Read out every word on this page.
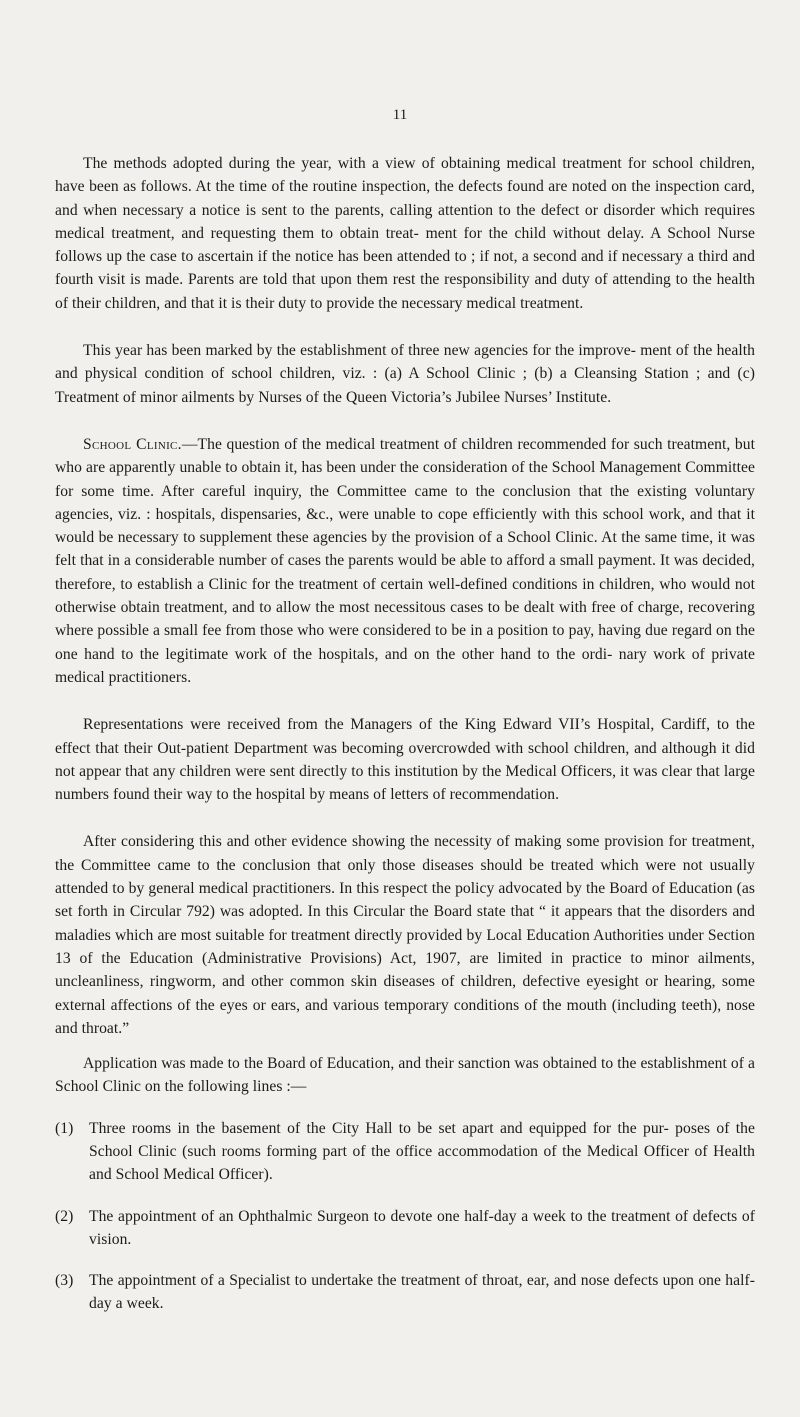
11

The methods adopted during the year, with a view of obtaining medical treatment for school children, have been as follows. At the time of the routine inspection, the defects found are noted on the inspection card, and when necessary a notice is sent to the parents, calling attention to the defect or disorder which requires medical treatment, and requesting them to obtain treat- ment for the child without delay. A School Nurse follows up the case to ascertain if the notice has been attended to ; if not, a second and if necessary a third and fourth visit is made. Parents are told that upon them rest the responsibility and duty of attending to the health of their children, and that it is their duty to provide the necessary medical treatment.

This year has been marked by the establishment of three new agencies for the improve- ment of the health and physical condition of school children, viz. : (a) A School Clinic ; (b) a Cleansing Station ; and (c) Treatment of minor ailments by Nurses of the Queen Victoria’s Jubilee Nurses’ Institute.

School Clinic.—The question of the medical treatment of children recommended for such treatment, but who are apparently unable to obtain it, has been under the consideration of the School Management Committee for some time. After careful inquiry, the Committee came to the conclusion that the existing voluntary agencies, viz. : hospitals, dispensaries, &c., were unable to cope efficiently with this school work, and that it would be necessary to supplement these agencies by the provision of a School Clinic. At the same time, it was felt that in a considerable number of cases the parents would be able to afford a small payment. It was decided, therefore, to establish a Clinic for the treatment of certain well-defined conditions in children, who would not otherwise obtain treatment, and to allow the most necessitous cases to be dealt with free of charge, recovering where possible a small fee from those who were considered to be in a position to pay, having due regard on the one hand to the legitimate work of the hospitals, and on the other hand to the ordi- nary work of private medical practitioners.

Representations were received from the Managers of the King Edward VII’s Hospital, Cardiff, to the effect that their Out-patient Department was becoming overcrowded with school children, and although it did not appear that any children were sent directly to this institution by the Medical Officers, it was clear that large numbers found their way to the hospital by means of letters of recommendation.

After considering this and other evidence showing the necessity of making some provision for treatment, the Committee came to the conclusion that only those diseases should be treated which were not usually attended to by general medical practitioners. In this respect the policy advocated by the Board of Education (as set forth in Circular 792) was adopted. In this Circular the Board state that “ it appears that the disorders and maladies which are most suitable for treatment directly provided by Local Education Authorities under Section 13 of the Education (Administrative Provisions) Act, 1907, are limited in practice to minor ailments, uncleanliness, ringworm, and other common skin diseases of children, defective eyesight or hearing, some external affections of the eyes or ears, and various temporary conditions of the mouth (including teeth), nose and throat.”

Application was made to the Board of Education, and their sanction was obtained to the establishment of a School Clinic on the following lines :—

(1) Three rooms in the basement of the City Hall to be set apart and equipped for the pur- poses of the School Clinic (such rooms forming part of the office accommodation of the Medical Officer of Health and School Medical Officer).
(2) The appointment of an Ophthalmic Surgeon to devote one half-day a week to the treatment of defects of vision.
(3) The appointment of a Specialist to undertake the treatment of throat, ear, and nose defects upon one half-day a week.
